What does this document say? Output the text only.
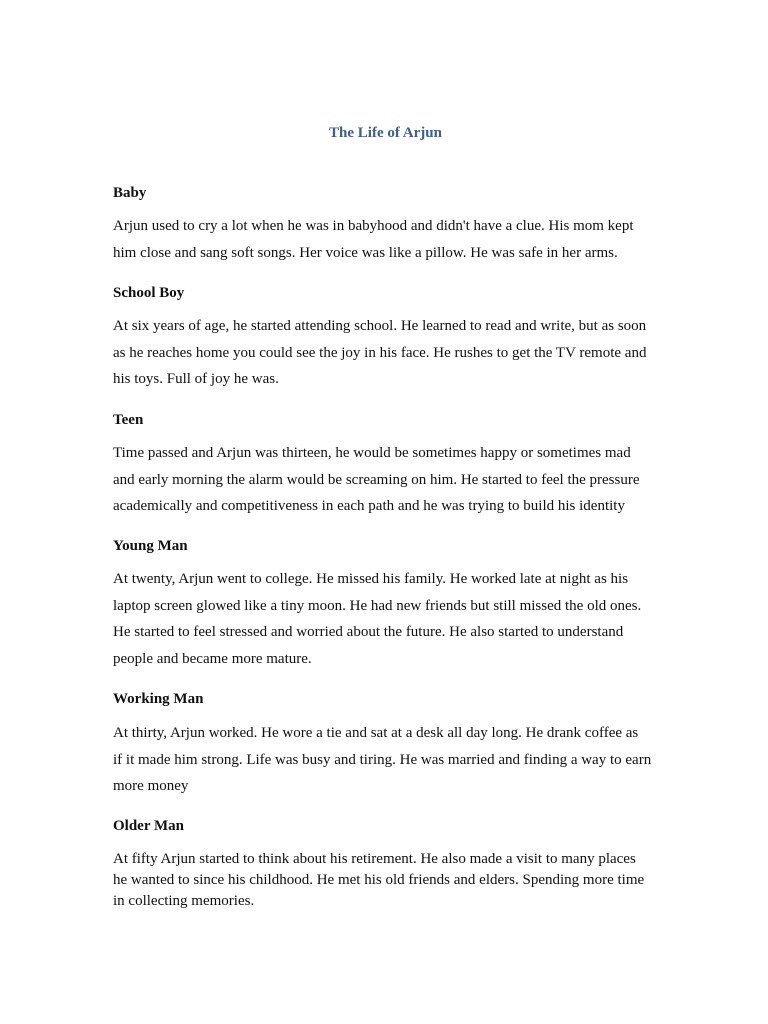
The Life of Arjun
Baby
Arjun used to cry a lot when he was in babyhood and didn't have a clue. His mom kept
him close and sang soft songs. Her voice was like a pillow. He was safe in her arms.
School Boy
At six years of age, he started attending school. He learned to read and write, but as soon
as he reaches home you could see the joy in his face. He rushes to get the TV remote and
his toys. Full of joy he was.
Teen
Time passed and Arjun was thirteen, he would be sometimes happy or sometimes mad
and early morning the alarm would be screaming on him. He started to feel the pressure
academically and competitiveness in each path and he was trying to build his identity
Young Man
At twenty, Arjun went to college. He missed his family. He worked late at night as his
laptop screen glowed like a tiny moon. He had new friends but still missed the old ones.
He started to feel stressed and worried about the future. He also started to understand
people and became more mature.
Working Man
At thirty, Arjun worked. He wore a tie and sat at a desk all day long. He drank coffee as
if it made him strong. Life was busy and tiring. He was married and finding a way to earn
more money
Older Man
At fifty Arjun started to think about his retirement. He also made a visit to many places
he wanted to since his childhood. He met his old friends and elders. Spending more time
in collecting memories.
